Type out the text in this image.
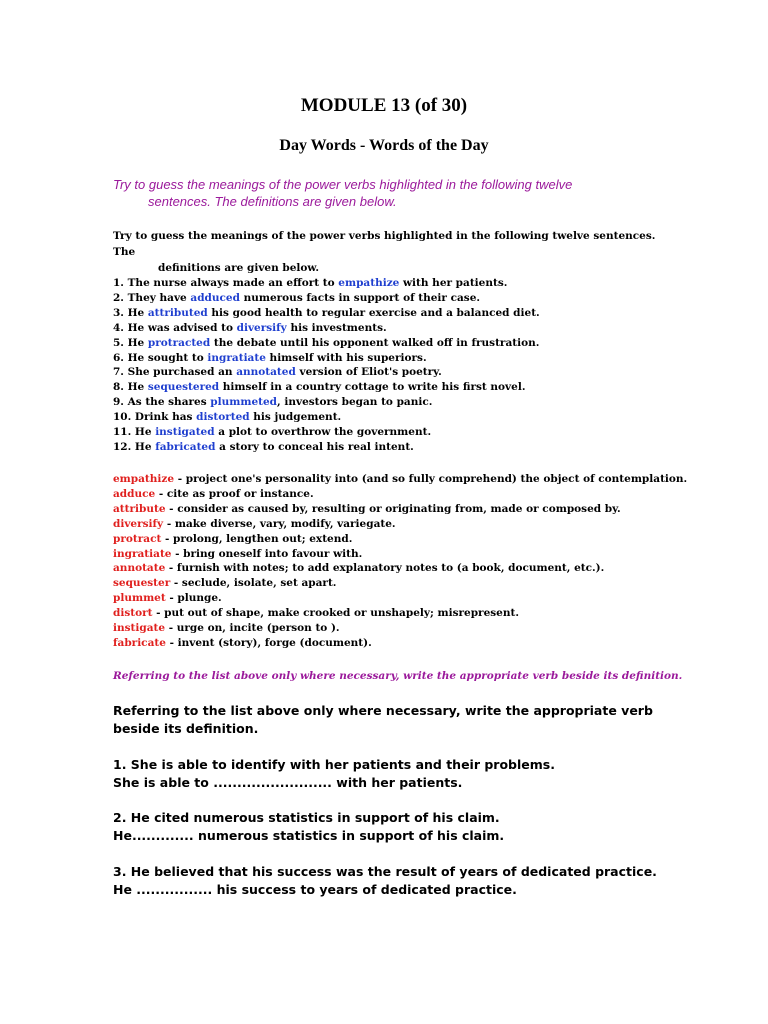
MODULE 13 (of 30)
Day Words - Words of the Day
Try to guess the meanings of the power verbs highlighted in the following twelve
sentences. The definitions are given below.
Try to guess the meanings of the power verbs highlighted in the following twelve sentences. The
definitions are given below.
1. The nurse always made an effort to empathize with her patients.
2. They have adduced numerous facts in support of their case.
3. He attributed his good health to regular exercise and a balanced diet.
4. He was advised to diversify his investments.
5. He protracted the debate until his opponent walked off in frustration.
6. He sought to ingratiate himself with his superiors.
7. She purchased an annotated version of Eliot's poetry.
8. He sequestered himself in a country cottage to write his first novel.
9. As the shares plummeted, investors began to panic.
10. Drink has distorted his judgement.
11. He instigated a plot to overthrow the government.
12. He fabricated a story to conceal his real intent.
empathize - project one's personality into (and so fully comprehend) the object of contemplation.
adduce - cite as proof or instance.
attribute - consider as caused by, resulting or originating from, made or composed by.
diversify - make diverse, vary, modify, variegate.
protract - prolong, lengthen out; extend.
ingratiate - bring oneself into favour with.
annotate - furnish with notes; to add explanatory notes to (a book, document, etc.).
sequester - seclude, isolate, set apart.
plummet - plunge.
distort - put out of shape, make crooked or unshapely; misrepresent.
instigate - urge on, incite (person to ).
fabricate - invent (story), forge (document).
Referring to the list above only where necessary, write the appropriate verb beside its definition.
Referring to the list above only where necessary, write the appropriate verb beside its definition.
1. She is able to identify with her patients and their problems.
She is able to ......................... with her patients.
2. He cited numerous statistics in support of his claim.
He............. numerous statistics in support of his claim.
3. He believed that his success was the result of years of dedicated practice.
He ................ his success to years of dedicated practice.
